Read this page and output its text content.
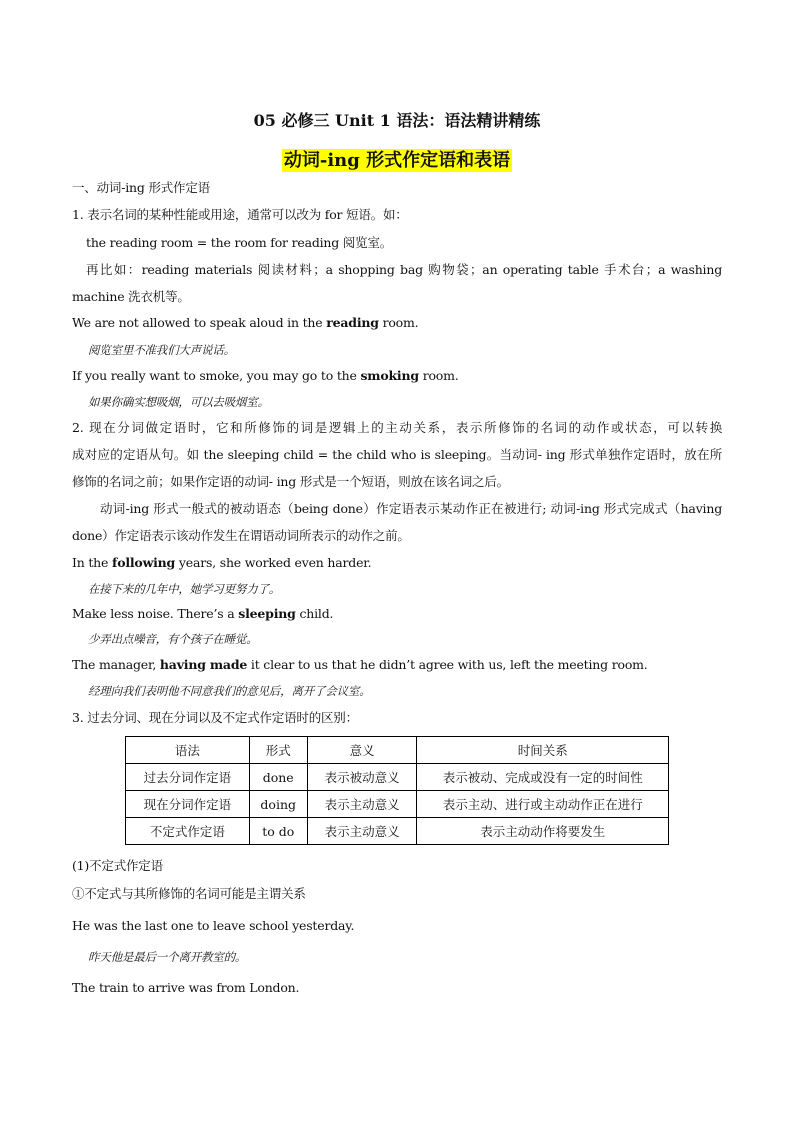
05 必修三 Unit 1 语法：语法精讲精练
动词-ing 形式作定语和表语
一、动词-ing 形式作定语
1. 表示名词的某种性能或用途，通常可以改为 for 短语。如：
the reading room = the room for reading 阅览室。
再比如：reading materials 阅读材料；a shopping bag 购物袋；an operating table 手术台；a washing
machine 洗衣机等。
We are not allowed to speak aloud in the reading room.
阅览室里不准我们大声说话。
If you really want to smoke, you may go to the smoking room.
如果你确实想吸烟，可以去吸烟室。
2. 现在分词做定语时，它和所修饰的词是逻辑上的主动关系，表示所修饰的名词的动作或状态，可以转换
成对应的定语从句。如 the sleeping child = the child who is sleeping。当动词- ing 形式单独作定语时，放在所
修饰的名词之前；如果作定语的动词- ing 形式是一个短语，则放在该名词之后。
动词-ing 形式一般式的被动语态（being done）作定语表示某动作正在被进行; 动词-ing 形式完成式（having
done）作定语表示该动作发生在谓语动词所表示的动作之前。
In the following years, she worked even harder.
在接下来的几年中，她学习更努力了。
Make less noise. There’s a sleeping child.
少弄出点噪音，有个孩子在睡觉。
The manager, having made it clear to us that he didn’t agree with us, left the meeting room.
经理向我们表明他不同意我们的意见后，离开了会议室。
3. 过去分词、现在分词以及不定式作定语时的区别：
语法	形式	意义	时间关系
过去分词作定语	done	表示被动意义	表示被动、完成或没有一定的时间性
现在分词作定语	doing	表示主动意义	表示主动、进行或主动动作正在进行
不定式作定语	to do	表示主动意义	表示主动动作将要发生
(1)不定式作定语
①不定式与其所修饰的名词可能是主谓关系
He was the last one to leave school yesterday.
昨天他是最后一个离开教室的。
The train to arrive was from London.
